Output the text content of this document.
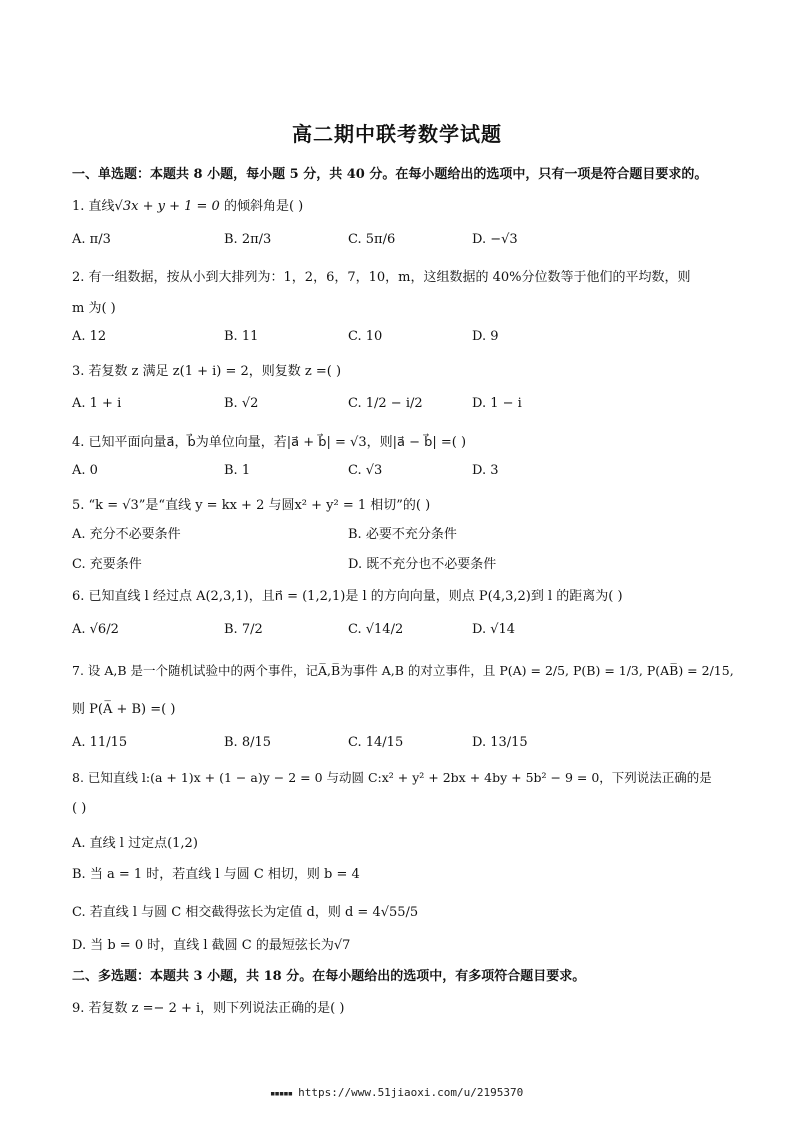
高二期中联考数学试题
一、单选题：本题共 8 小题，每小题 5 分，共 40 分。在每小题给出的选项中，只有一项是符合题目要求的。
1. 直线√3x + y + 1 = 0 的倾斜角是( )
A. π/3	B. 2π/3	C. 5π/6	D. −√3
2. 有一组数据，按从小到大排列为：1，2，6，7，10，m，这组数据的 40%分位数等于他们的平均数，则
m 为( )
A. 12	B. 11	C. 10	D. 9
3. 若复数 z 满足 z(1 + i) = 2，则复数 z =( )
A. 1 + i	B. √2	C. 1/2 − i/2	D. 1 − i
4. 已知平面向量a⃗，b⃗为单位向量，若|a⃗ + b⃗| = √3，则|a⃗ − b⃗| =( )
A. 0	B. 1	C. √3	D. 3
5. “k = √3”是“直线 y = kx + 2 与圆x² + y² = 1 相切”的( )
A. 充分不必要条件	B. 必要不充分条件
C. 充要条件	D. 既不充分也不必要条件
6. 已知直线 l 经过点 A(2,3,1)，且n⃗ = (1,2,1)是 l 的方向向量，则点 P(4,3,2)到 l 的距离为( )
A. √6/2	B. 7/2	C. √14/2	D. √14
7. 设 A,B 是一个随机试验中的两个事件，记A̅,B̅为事件 A,B 的对立事件，且 P(A) = 2/5, P(B) = 1/3, P(AB̅) = 2/15,
则 P(A̅ + B) =( )
A. 11/15	B. 8/15	C. 14/15	D. 13/15
8. 已知直线 l:(a + 1)x + (1 − a)y − 2 = 0 与动圆 C:x² + y² + 2bx + 4by + 5b² − 9 = 0，下列说法正确的是
( )
A. 直线 l 过定点(1,2)
B. 当 a = 1 时，若直线 l 与圆 C 相切，则 b = 4
C. 若直线 l 与圆 C 相交截得弦长为定值 d，则 d = 4√55/5
D. 当 b = 0 时，直线 l 截圆 C 的最短弦长为√7
二、多选题：本题共 3 小题，共 18 分。在每小题给出的选项中，有多项符合题目要求。
9. 若复数 z =− 2 + i，则下列说法正确的是( )
▪▪▪▪▪ https://www.51jiaoxi.com/u/2195370
